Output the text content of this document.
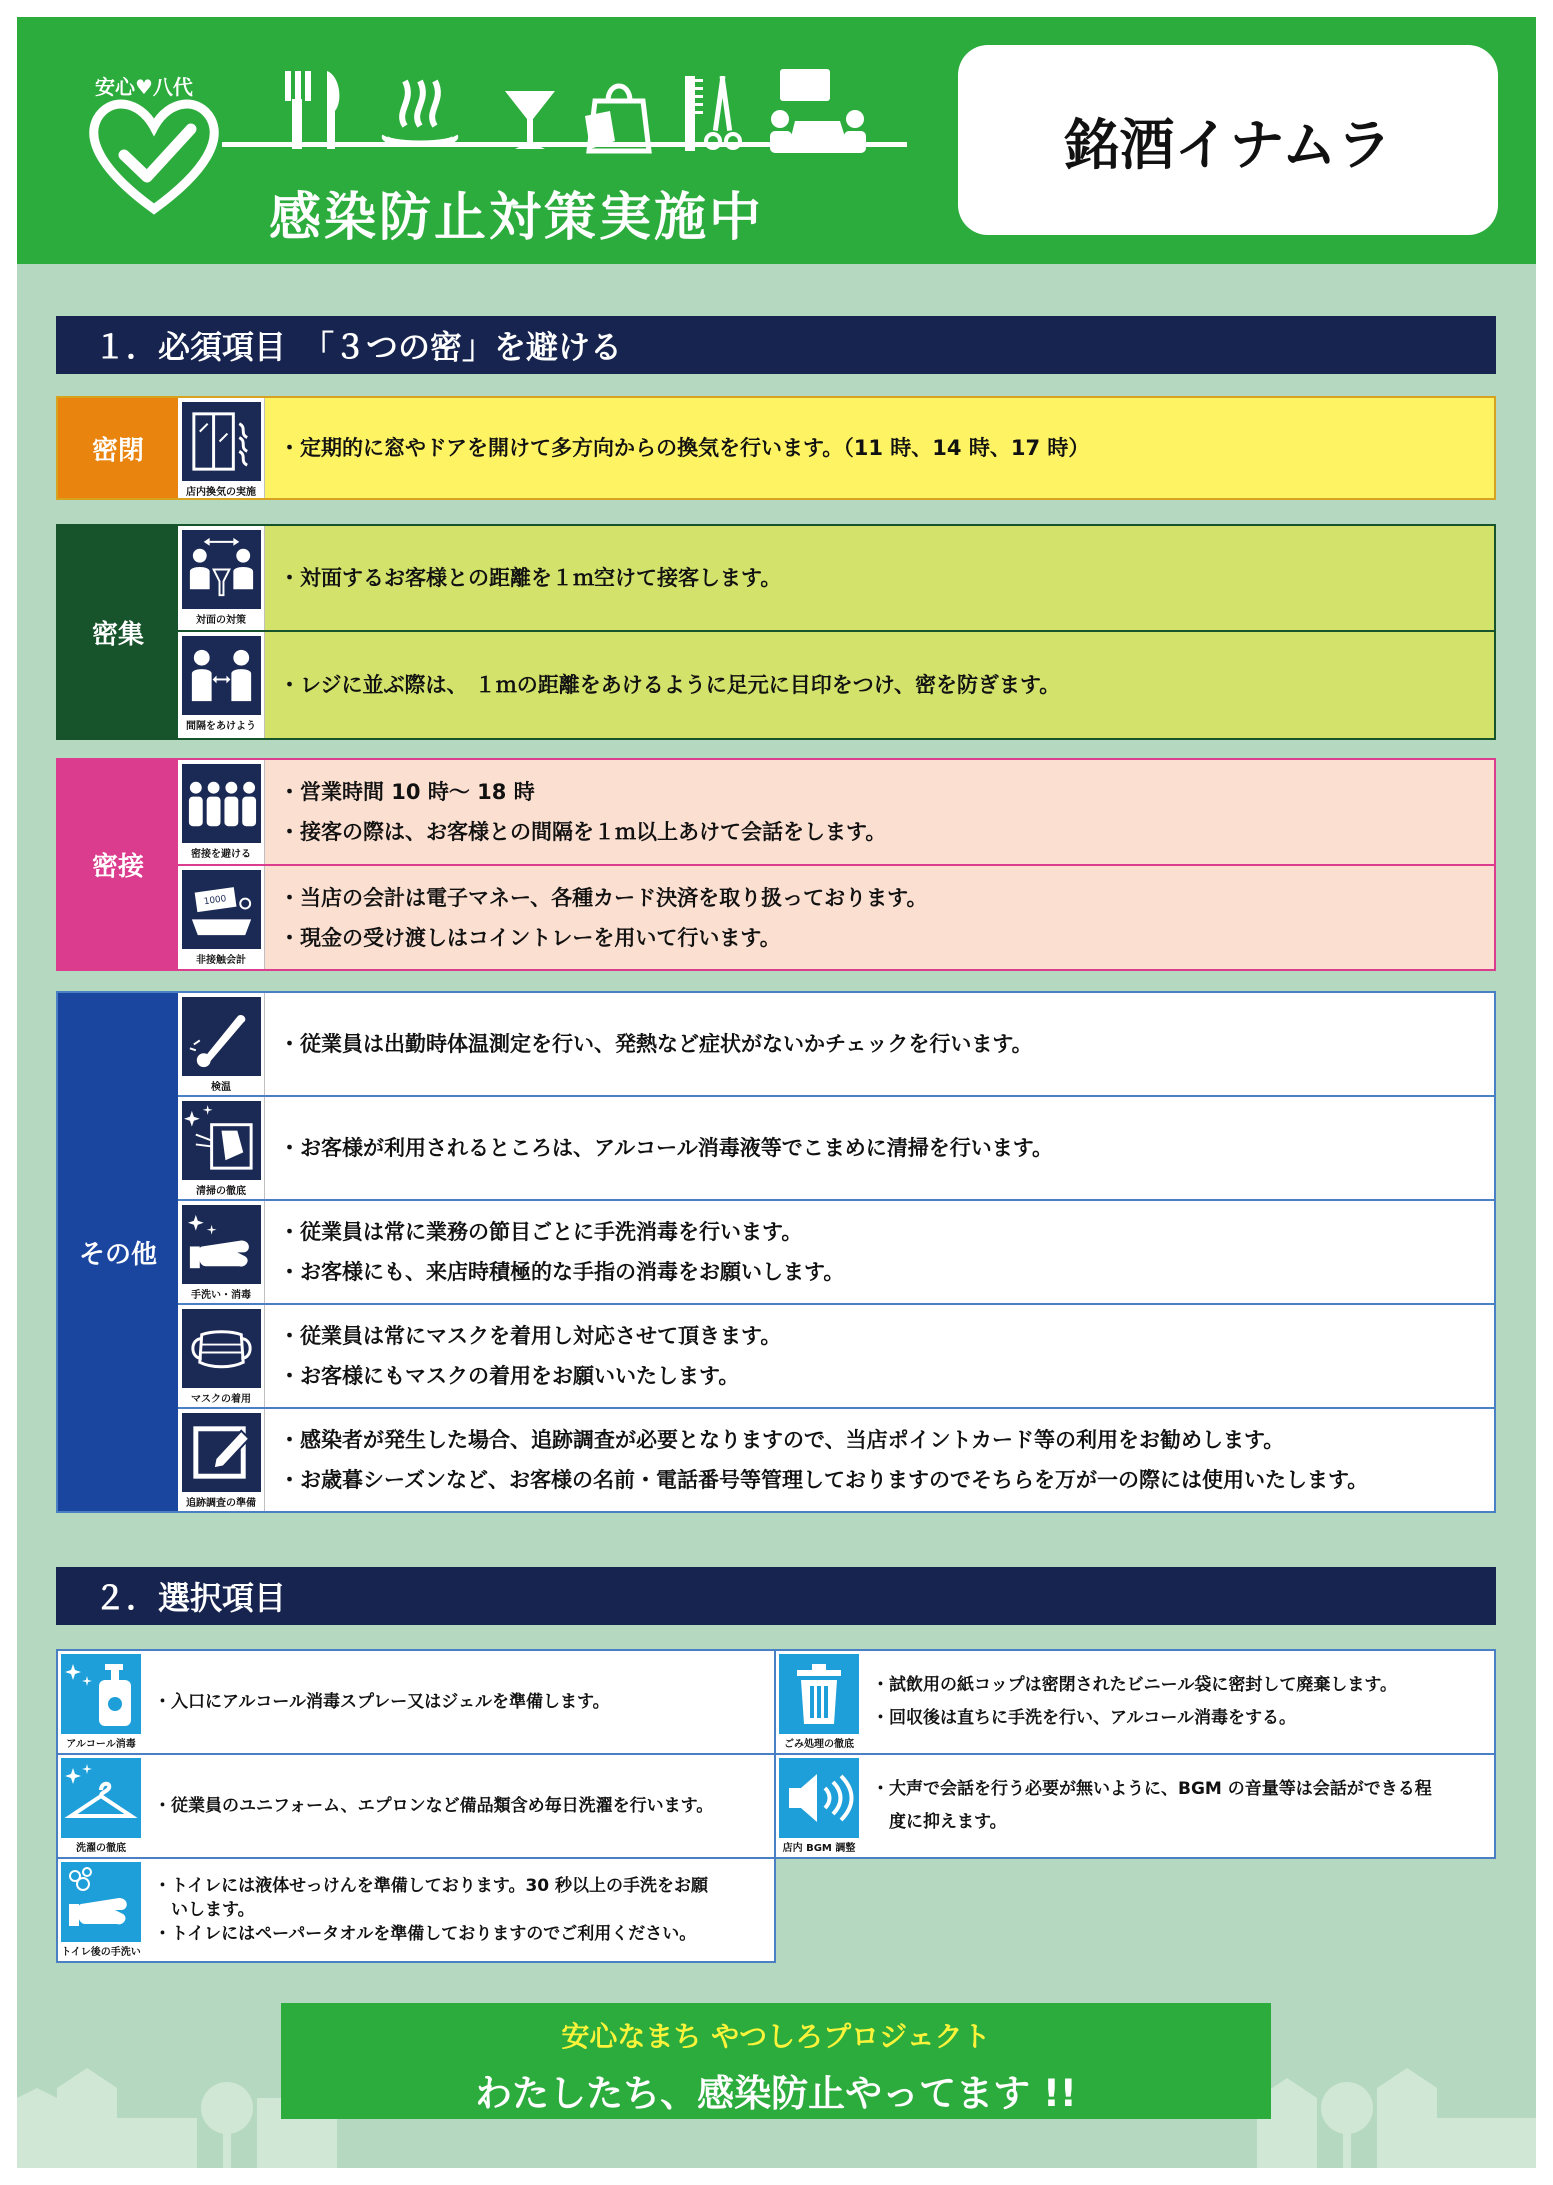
安心♥八代
感染防止対策実施中
銘酒イナムラ
１．必須項目　「３つの密」を避ける
密閉
店内換気の実施
・定期的に窓やドアを開けて多方向からの換気を行います。（11 時、14 時、17 時）
密集	対面の対策
・対面するお客様との距離を１ｍ空けて接客します。
間隔をあけよう
・レジに並ぶ際は、 １ｍの距離をあけるように足元に目印をつけ、密を防ぎます。
密接	密接を避ける
・営業時間 10 時～ 18 時
・接客の際は、お客様との間隔を１ｍ以上あけて会話をします。
1000
非接触会計
・当店の会計は電子マネー、各種カード決済を取り扱っております。
・現金の受け渡しはコイントレーを用いて行います。
その他
検温
・従業員は出勤時体温測定を行い、発熱など症状がないかチェックを行います。
清掃の徹底
・お客様が利用されるところは、アルコール消毒液等でこまめに清掃を行います。
手洗い・消毒
・従業員は常に業務の節目ごとに手洗消毒を行います。
・お客様にも、来店時積極的な手指の消毒をお願いします。
マスクの着用
・従業員は常にマスクを着用し対応させて頂きます。
・お客様にもマスクの着用をお願いいたします。
追跡調査の準備
・感染者が発生した場合、追跡調査が必要となりますので、当店ポイントカード等の利用をお勧めします。
・お歳暮シーズンなど、お客様の名前・電話番号等管理しておりますのでそちらを万が一の際には使用いたします。
２．選択項目
アルコール消毒
・入口にアルコール消毒スプレー又はジェルを準備します。
ごみ処理の徹底
・試飲用の紙コップは密閉されたビニール袋に密封して廃棄します。
・回収後は直ちに手洗を行い、アルコール消毒をする。
洗濯の徹底
・従業員のユニフォーム、エプロンなど備品類含め毎日洗濯を行います。
店内 BGM 調整
・大声で会話を行う必要が無いように、BGM の音量等は会話ができる程
　度に抑えます。
トイレ後の手洗い
・トイレには液体せっけんを準備しております。30 秒以上の手洗をお願
　いします。
・トイレにはペーパータオルを準備しておりますのでご利用ください。
安心なまち やつしろプロジェクト
わたしたち、感染防止やってます !!
